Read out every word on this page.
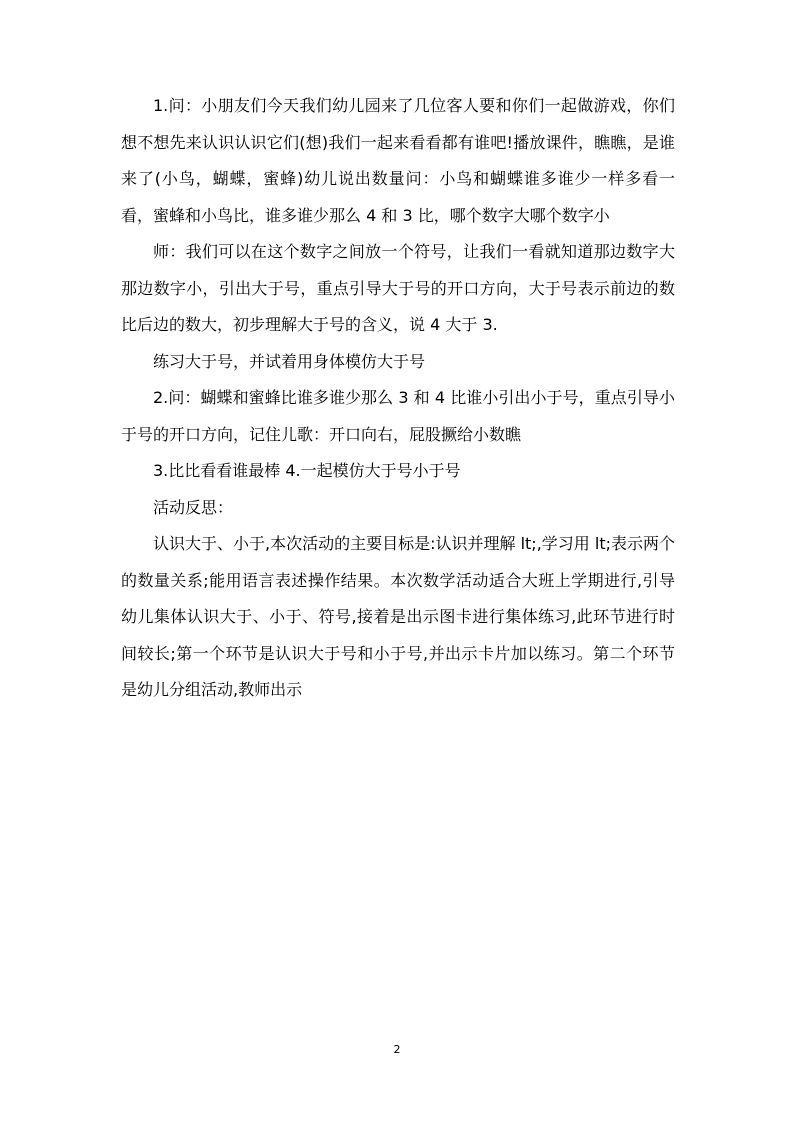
1.问：小朋友们今天我们幼儿园来了几位客人要和你们一起做游戏，你们想不想先来认识认识它们(想)我们一起来看看都有谁吧!播放课件，瞧瞧，是谁来了(小鸟，蝴蝶，蜜蜂)幼儿说出数量问：小鸟和蝴蝶谁多谁少一样多看一看，蜜蜂和小鸟比，谁多谁少那么 4 和 3 比，哪个数字大哪个数字小

师：我们可以在这个数字之间放一个符号，让我们一看就知道那边数字大那边数字小，引出大于号，重点引导大于号的开口方向，大于号表示前边的数比后边的数大，初步理解大于号的含义，说 4 大于 3.

练习大于号，并试着用身体模仿大于号

2.问：蝴蝶和蜜蜂比谁多谁少那么 3 和 4 比谁小引出小于号，重点引导小于号的开口方向，记住儿歌：开口向右，屁股撅给小数瞧

3.比比看看谁最棒 4.一起模仿大于号小于号

活动反思：

认识大于、小于,本次活动的主要目标是:认识并理解 lt;,学习用 lt;表示两个的数量关系;能用语言表述操作结果。本次数学活动适合大班上学期进行,引导幼儿集体认识大于、小于、符号,接着是出示图卡进行集体练习,此环节进行时间较长;第一个环节是认识大于号和小于号,并出示卡片加以练习。第二个环节是幼儿分组活动,教师出示

2
